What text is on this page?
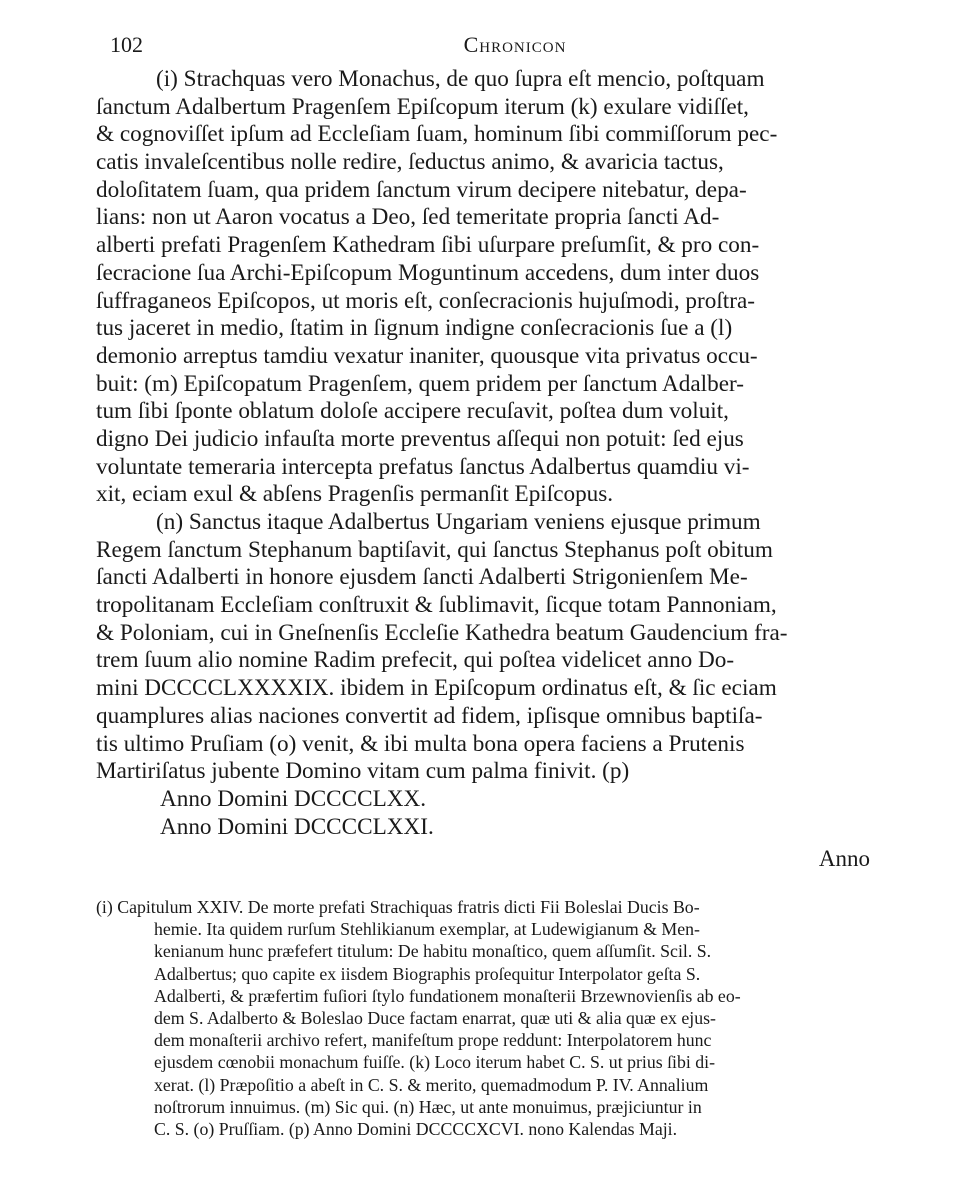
102	Chronicon
(i) Strachquas vero Monachus, de quo ſupra eſt mencio, poſtquam
ſanctum Adalbertum Pragenſem Epiſcopum iterum (k) exulare vidiſſet,
& cognoviſſet ipſum ad Eccleſiam ſuam, hominum ſibi commiſſorum pec-
catis invaleſcentibus nolle redire, ſeductus animo, & avaricia tactus,
doloſitatem ſuam, qua pridem ſanctum virum decipere nitebatur, depa-
lians: non ut Aaron vocatus a Deo, ſed temeritate propria ſancti Ad-
alberti prefati Pragenſem Kathedram ſibi uſurpare preſumſit, & pro con-
ſecracione ſua Archi-Epiſcopum Moguntinum accedens, dum inter duos
ſuffraganeos Epiſcopos, ut moris eſt, conſecracionis hujuſmodi, proſtra-
tus jaceret in medio, ſtatim in ſignum indigne conſecracionis ſue a (l)
demonio arreptus tamdiu vexatur inaniter, quousque vita privatus occu-
buit: (m) Epiſcopatum Pragenſem, quem pridem per ſanctum Adalber-
tum ſibi ſponte oblatum doloſe accipere recuſavit, poſtea dum voluit,
digno Dei judicio infauſta morte preventus aſſequi non potuit: ſed ejus
voluntate temeraria intercepta prefatus ſanctus Adalbertus quamdiu vi-
xit, eciam exul & abſens Pragenſis permanſit Epiſcopus.
(n) Sanctus itaque Adalbertus Ungariam veniens ejusque primum
Regem ſanctum Stephanum baptiſavit, qui ſanctus Stephanus poſt obitum
ſancti Adalberti in honore ejusdem ſancti Adalberti Strigonienſem Me-
tropolitanam Eccleſiam conſtruxit & ſublimavit, ſicque totam Pannoniam,
& Poloniam, cui in Gneſnenſis Eccleſie Kathedra beatum Gaudencium fra-
trem ſuum alio nomine Radim prefecit, qui poſtea videlicet anno Do-
mini DCCCCLXXXXIX. ibidem in Epiſcopum ordinatus eſt, & ſic eciam
quamplures alias naciones convertit ad fidem, ipſisque omnibus baptiſa-
tis ultimo Pruſiam (o) venit, & ibi multa bona opera faciens a Prutenis
Martiriſatus jubente Domino vitam cum palma finivit. (p)
Anno Domini DCCCCLXX.
Anno Domini DCCCCLXXI.
Anno
(i) Capitulum XXIV. De morte prefati Strachiquas fratris dicti Fii Boleslai Ducis Bo-
hemie. Ita quidem rurſum Stehlikianum exemplar, at Ludewigianum & Men-
kenianum hunc præfefert titulum: De habitu monaſtico, quem aſſumſit. Scil. S.
Adalbertus; quo capite ex iisdem Biographis proſequitur Interpolator geſta S.
Adalberti, & præfertim fuſiori ſtylo fundationem monaſterii Brzewnovienſis ab eo-
dem S. Adalberto & Boleslao Duce factam enarrat, quæ uti & alia quæ ex ejus-
dem monaſterii archivo refert, manifeſtum prope reddunt: Interpolatorem hunc
ejusdem cœnobii monachum fuiſſe. (k) Loco iterum habet C. S. ut prius ſibi di-
xerat. (l) Præpoſitio a abeſt in C. S. & merito, quemadmodum P. IV. Annalium
noſtrorum innuimus. (m) Sic qui. (n) Hæc, ut ante monuimus, præjiciuntur in
C. S. (o) Pruſſiam. (p) Anno Domini DCCCCXCVI. nono Kalendas Maji.
